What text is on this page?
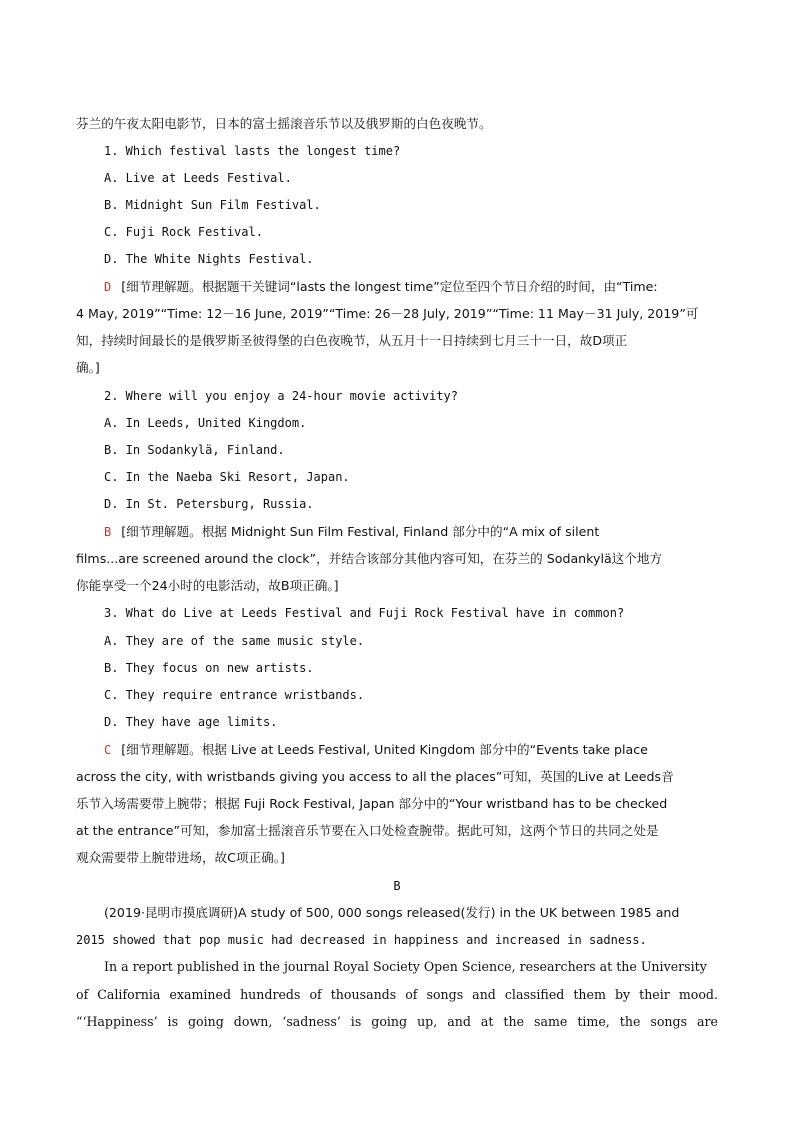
芬兰的午夜太阳电影节，日本的富士摇滚音乐节以及俄罗斯的白色夜晚节。
1. Which festival lasts the longest time?
A. Live at Leeds Festival.
B. Midnight Sun Film Festival.
C. Fuji Rock Festival.
D. The White Nights Festival.
D [细节理解题。根据题干关键词“lasts the longest time”定位至四个节日介绍的时间，由“Time:
4 May, 2019”“Time: 12－16 June, 2019”“Time: 26－28 July, 2019”“Time: 11 May－31 July, 2019”可
知，持续时间最长的是俄罗斯圣彼得堡的白色夜晚节，从五月十一日持续到七月三十一日，故D项正
确。]
2. Where will you enjoy a 24-hour movie activity?
A. In Leeds, United Kingdom.
B. In Sodankylä, Finland.
C. In the Naeba Ski Resort, Japan.
D. In St. Petersburg, Russia.
B [细节理解题。根据 Midnight Sun Film Festival, Finland 部分中的“A mix of silent
films...are screened around the clock”，并结合该部分其他内容可知，在芬兰的 Sodankylä这个地方
你能享受一个24小时的电影活动，故B项正确。]
3. What do Live at Leeds Festival and Fuji Rock Festival have in common?
A. They are of the same music style.
B. They focus on new artists.
C. They require entrance wristbands.
D. They have age limits.
C [细节理解题。根据 Live at Leeds Festival, United Kingdom 部分中的“Events take place
across the city, with wristbands giving you access to all the places”可知，英国的Live at Leeds音
乐节入场需要带上腕带；根据 Fuji Rock Festival, Japan 部分中的“Your wristband has to be checked
at the entrance”可知，参加富士摇滚音乐节要在入口处检查腕带。据此可知，这两个节日的共同之处是
观众需要带上腕带进场，故C项正确。]
B
(2019·昆明市摸底调研)A study of 500, 000 songs released(发行) in the UK between 1985 and
2015 showed that pop music had decreased in happiness and increased in sadness.
In a report published in the journal Royal Society Open Science, researchers at the University
of California examined hundreds of thousands of songs and classified them by their mood.
“‘Happiness’ is going down, ‘sadness’ is going up, and at the same time, the songs are
